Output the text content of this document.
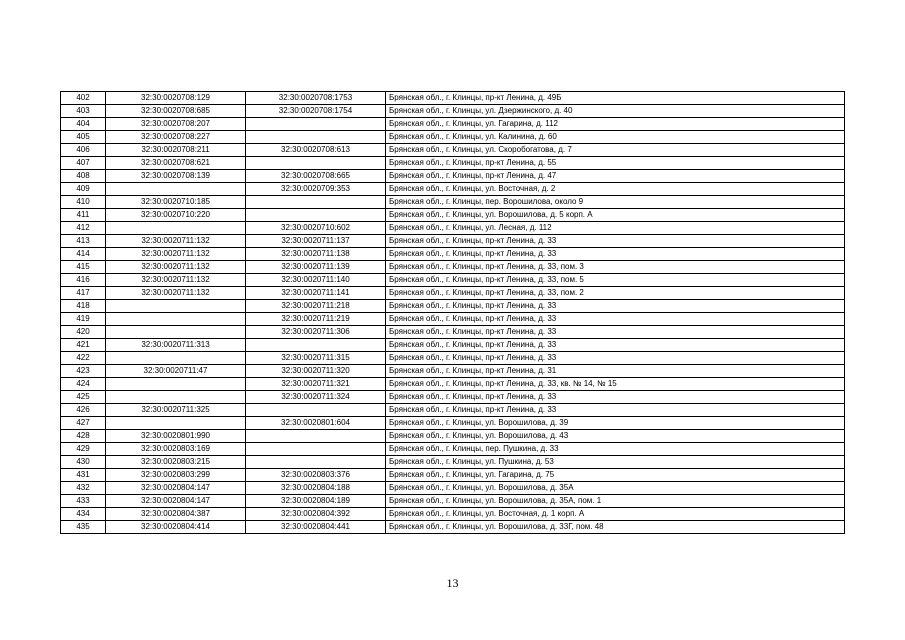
402	32:30:0020708:129	32:30:0020708:1753	Брянская обл., г. Клинцы, пр-кт Ленина, д. 49Б
403	32:30:0020708:685	32:30:0020708:1754	Брянская обл., г. Клинцы, ул. Дзержинского, д. 40
404	32:30:0020708:207		Брянская обл., г. Клинцы, ул. Гагарина, д. 112
405	32:30:0020708:227		Брянская обл., г. Клинцы, ул. Калинина, д. 60
406	32:30:0020708:211	32:30:0020708:613	Брянская обл., г. Клинцы, ул. Скоробогатова, д. 7
407	32:30:0020708:621		Брянская обл., г. Клинцы, пр-кт Ленина, д. 55
408	32:30:0020708:139	32:30:0020708:665	Брянская обл., г. Клинцы, пр-кт Ленина, д. 47
409		32:30:0020709:353	Брянская обл., г. Клинцы, ул. Восточная, д. 2
410	32:30:0020710:185		Брянская обл., г. Клинцы, пер. Ворошилова, около 9
411	32:30:0020710:220		Брянская обл., г. Клинцы, ул. Ворошилова, д. 5 корп. А
412		32:30:0020710:602	Брянская обл., г. Клинцы, ул. Лесная, д. 112
413	32:30:0020711:132	32:30:0020711:137	Брянская обл., г. Клинцы, пр-кт Ленина, д. 33
414	32:30:0020711:132	32:30:0020711:138	Брянская обл., г. Клинцы, пр-кт Ленина, д. 33
415	32:30:0020711:132	32:30:0020711:139	Брянская обл., г. Клинцы, пр-кт Ленина, д. 33, пом. 3
416	32:30:0020711:132	32:30:0020711:140	Брянская обл., г. Клинцы, пр-кт Ленина, д. 33, пом. 5
417	32:30:0020711:132	32:30:0020711:141	Брянская обл., г. Клинцы, пр-кт Ленина, д. 33, пом. 2
418		32:30:0020711:218	Брянская обл., г. Клинцы, пр-кт Ленина, д. 33
419		32:30:0020711:219	Брянская обл., г. Клинцы, пр-кт Ленина, д. 33
420		32:30:0020711:306	Брянская обл., г. Клинцы, пр-кт Ленина, д. 33
421	32:30:0020711:313		Брянская обл., г. Клинцы, пр-кт Ленина, д. 33
422		32:30:0020711:315	Брянская обл., г. Клинцы, пр-кт Ленина, д. 33
423	32:30:0020711:47	32:30:0020711:320	Брянская обл., г. Клинцы, пр-кт Ленина, д. 31
424		32:30:0020711:321	Брянская обл., г. Клинцы, пр-кт Ленина, д. 33, кв. № 14, № 15
425		32:30:0020711:324	Брянская обл., г. Клинцы, пр-кт Ленина, д. 33
426	32:30:0020711:325		Брянская обл., г. Клинцы, пр-кт Ленина, д. 33
427		32:30:0020801:604	Брянская обл., г. Клинцы, ул. Ворошилова, д. 39
428	32:30:0020801:990		Брянская обл., г. Клинцы, ул. Ворошилова, д. 43
429	32:30:0020803:169		Брянская обл., г. Клинцы, пер. Пушкина, д. 33
430	32:30:0020803:215		Брянская обл., г. Клинцы, ул. Пушкина, д. 53
431	32:30:0020803:299	32:30:0020803:376	Брянская обл., г. Клинцы, ул. Гагарина, д. 75
432	32:30:0020804:147	32:30:0020804:188	Брянская обл., г. Клинцы, ул. Ворошилова, д. 35А
433	32:30:0020804:147	32:30:0020804:189	Брянская обл., г. Клинцы, ул. Ворошилова, д. 35А, пом. 1
434	32:30:0020804:387	32:30:0020804:392	Брянская обл., г. Клинцы, ул. Восточная, д. 1 корп. А
435	32:30:0020804:414	32:30:0020804:441	Брянская обл., г. Клинцы, ул. Ворошилова, д. 33Г, пом. 48
13
